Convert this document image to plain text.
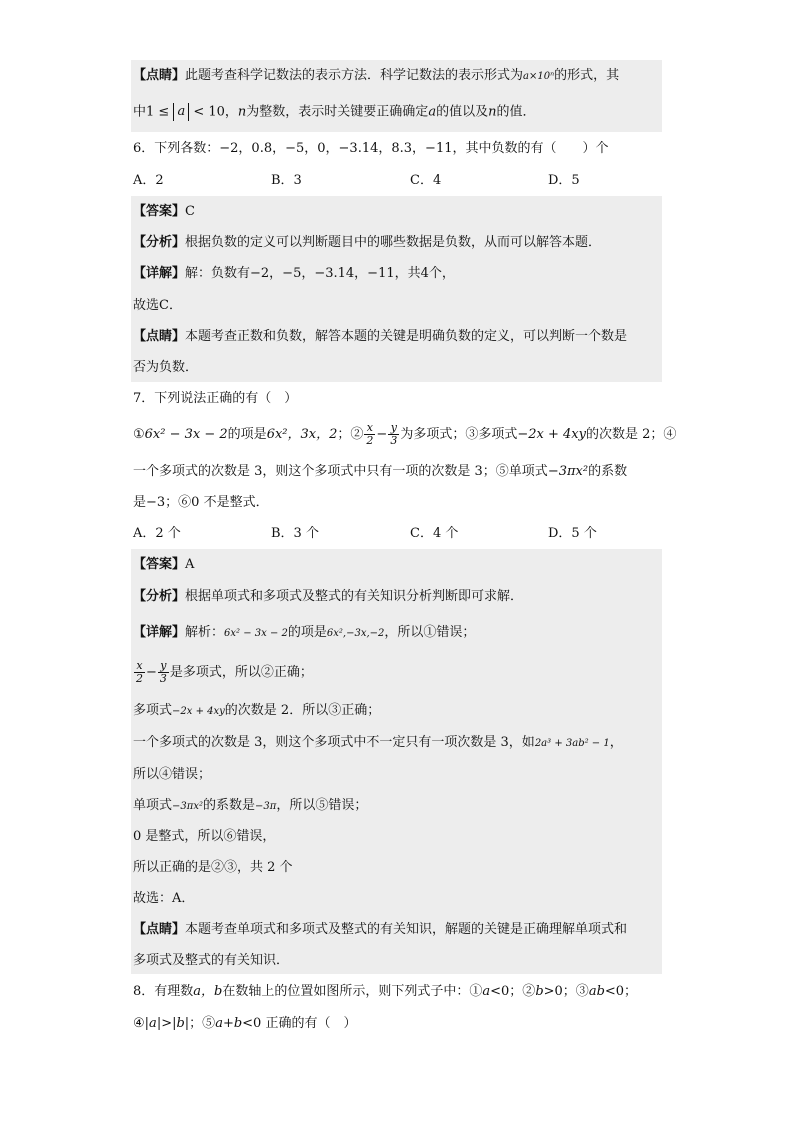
【点睛】此题考查科学记数法的表示方法．科学记数法的表示形式为a×10ⁿ的形式，其
中1 ≤ a < 10，n为整数，表示时关键要正确确定a的值以及n的值．
6．下列各数：−2，0.8，−5，0，−3.14，8.3，−11，其中负数的有（　　）个
A．2	B．3	C．4	D．5
【答案】C
【分析】根据负数的定义可以判断题目中的哪些数据是负数，从而可以解答本题．
【详解】解：负数有−2，−5，−3.14，−11，共4个，
故选C．
【点睛】本题考查正数和负数，解答本题的关键是明确负数的定义，可以判断一个数是
否为负数．
7．下列说法正确的有（　）
①6x² − 3x − 2的项是6x²，3x，2；② $\frac{x}{2} - \frac{y}{3}$ 为多项式；③多项式−2x + 4xy的次数是 2；④
一个多项式的次数是 3，则这个多项式中只有一项的次数是 3；⑤单项式−3πx²的系数
是−3；⑥0 不是整式．
A．2 个	B．3 个	C．4 个	D．5 个
【答案】A
【分析】根据单项式和多项式及整式的有关知识分析判断即可求解．
【详解】解析：6x² − 3x − 2的项是6x²,−3x,−2，所以①错误；
$\frac{x}{2} - \frac{y}{3}$ 是多项式，所以②正确；
多项式−2x + 4xy的次数是 2．所以③正确；
一个多项式的次数是 3，则这个多项式中不一定只有一项次数是 3，如2a³ + 3ab² − 1，
所以④错误；
单项式−3πx²的系数是−3π，所以⑤错误；
0 是整式，所以⑥错误，
所以正确的是②③，共 2 个
故选：A．
【点睛】本题考查单项式和多项式及整式的有关知识，解题的关键是正确理解单项式和
多项式及整式的有关知识．
8．有理数a，b在数轴上的位置如图所示，则下列式子中：①a<0；②b>0；③ab<0；
④|a|>|b|；⑤a+b<0 正确的有（　）
